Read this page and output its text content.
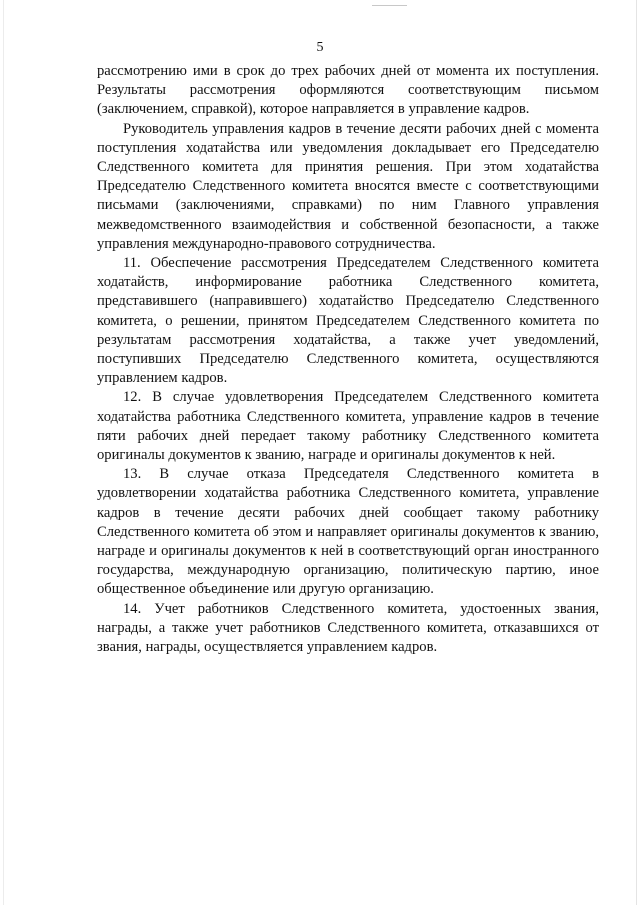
5

рассмотрению ими в срок до трех рабочих дней от момента их поступления. Результаты рассмотрения оформляются соответствующим письмом (заключением, справкой), которое направляется в управление кадров.

Руководитель управления кадров в течение десяти рабочих дней с момента поступления ходатайства или уведомления докладывает его Председателю Следственного комитета для принятия решения. При этом ходатайства Председателю Следственного комитета вносятся вместе с соответствующими письмами (заключениями, справками) по ним Главного управления межведомственного взаимодействия и собственной безопасности, а также управления международно-правового сотрудничества.

11. Обеспечение рассмотрения Председателем Следственного комитета ходатайств, информирование работника Следственного комитета, представившего (направившего) ходатайство Председателю Следственного комитета, о решении, принятом Председателем Следственного комитета по результатам рассмотрения ходатайства, а также учет уведомлений, поступивших Председателю Следственного комитета, осуществляются управлением кадров.

12. В случае удовлетворения Председателем Следственного комитета ходатайства работника Следственного комитета, управление кадров в течение пяти рабочих дней передает такому работнику Следственного комитета оригиналы документов к званию, награде и оригиналы документов к ней.

13. В случае отказа Председателя Следственного комитета в удовлетворении ходатайства работника Следственного комитета, управление кадров в течение десяти рабочих дней сообщает такому работнику Следственного комитета об этом и направляет оригиналы документов к званию, награде и оригиналы документов к ней в соответствующий орган иностранного государства, международную организацию, политическую партию, иное общественное объединение или другую организацию.

14. Учет работников Следственного комитета, удостоенных звания, награды, а также учет работников Следственного комитета, отказавшихся от звания, награды, осуществляется управлением кадров.
